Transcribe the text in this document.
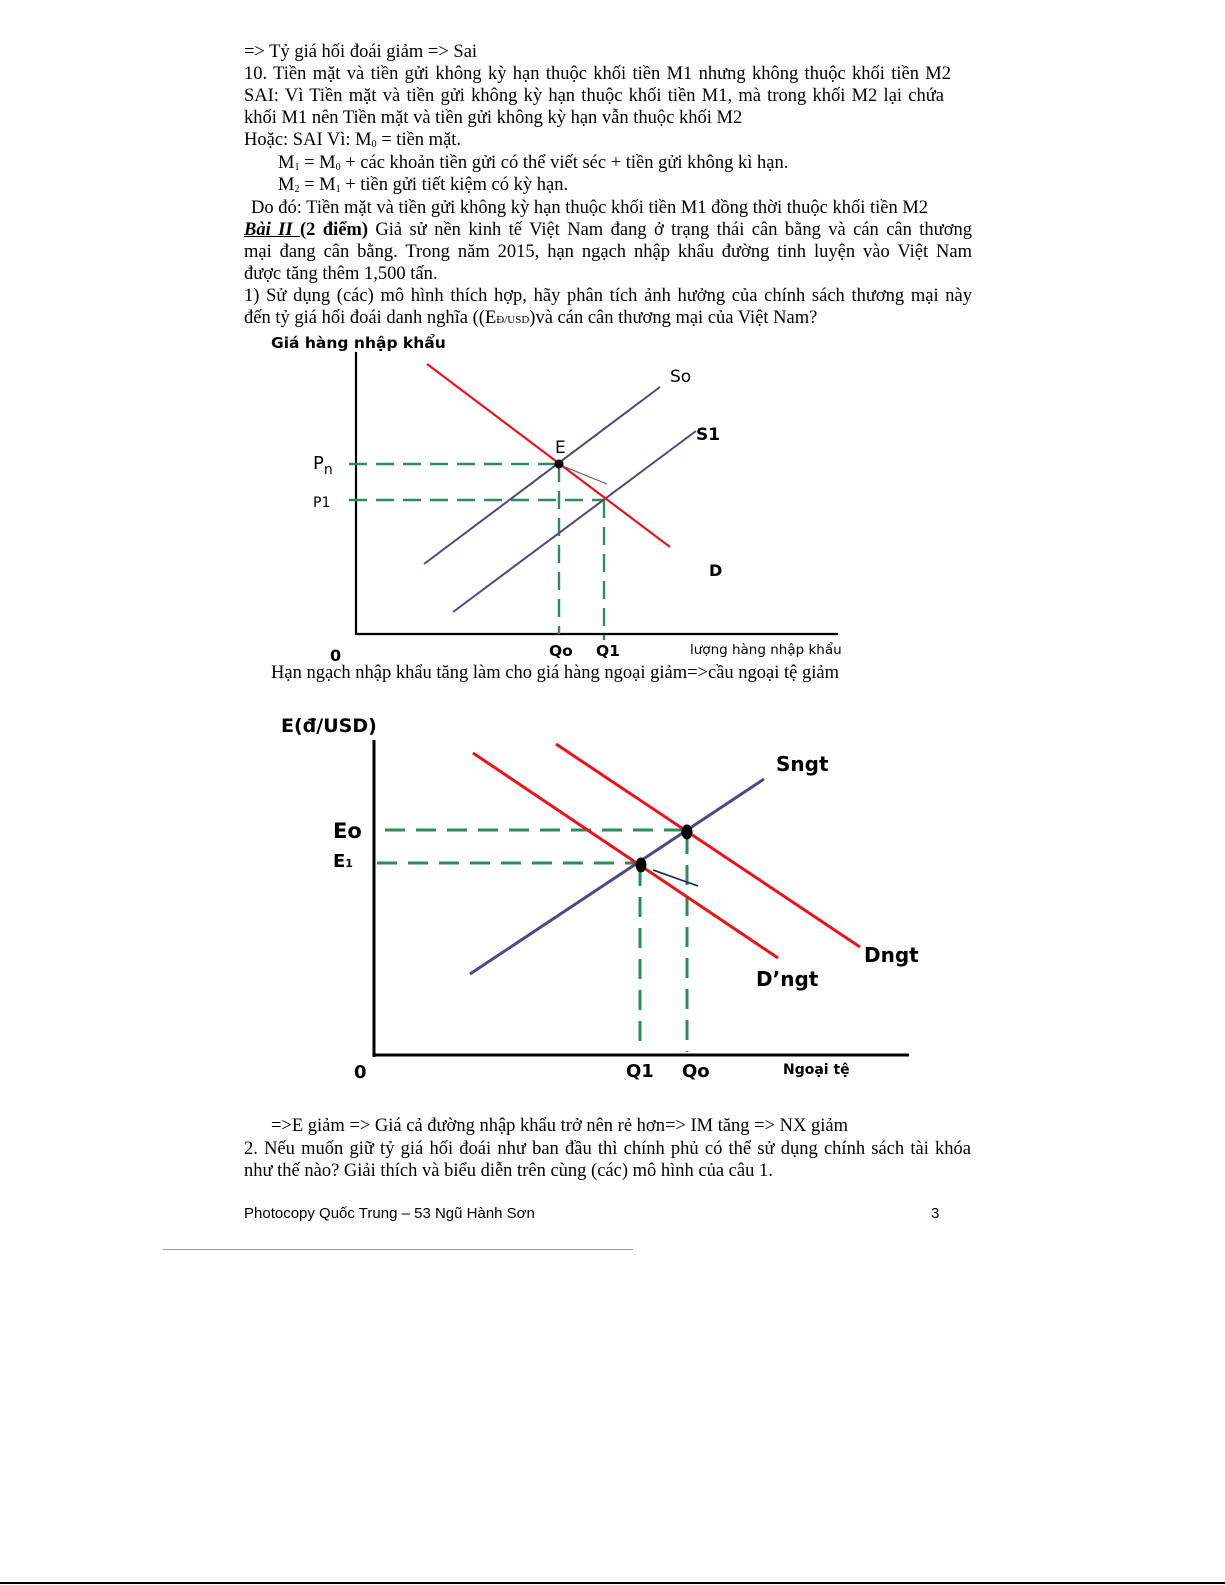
=> Tỷ giá hối đoái giảm => Sai
10. Tiền mặt và tiền gửi không kỳ hạn thuộc khối tiền M1 nhưng không thuộc khối tiền M2
SAI: Vì Tiền mặt và tiền gửi không kỳ hạn thuộc khối tiền M1, mà trong khối M2 lại chứa
khối M1 nên Tiền mặt và tiền gửi không kỳ hạn vẫn thuộc khối M2
Hoặc: SAI Vì: M0 = tiền mặt.
M1 = M0 + các khoản tiền gửi có thể viết séc + tiền gửi không kì hạn.
M2 = M1 + tiền gửi tiết kiệm có kỳ hạn.
Do đó: Tiền mặt và tiền gửi không kỳ hạn thuộc khối tiền M1 đồng thời thuộc khối tiền M2
Bài II (2 điểm) Giả sử nền kinh tế Việt Nam đang ở trạng thái cân bằng và cán cân thương
mại đang cân bằng. Trong năm 2015, hạn ngạch nhập khẩu đường tinh luyện vào Việt Nam
được tăng thêm 1,500 tấn.
1) Sử dụng (các) mô hình thích hợp, hãy phân tích ảnh hưởng của chính sách thương mại này
đến tỷ giá hối đoái danh nghĩa ((EĐ/USD)và cán cân thương mại của Việt Nam?
Giá hàng nhập khẩu
E
So
S1
D
$P_n$
P1
0	Qo Q1	lượng hàng nhập khẩu
Hạn ngạch nhập khẩu tăng làm cho giá hàng ngoại giảm=>cầu ngoại tệ giảm
E(đ/USD)
Sngt
Dngt
D’ngt
Eo
E1
0	Q1 Qo	Ngoại tệ
=>E giảm => Giá cả đường nhập khẩu trở nên rẻ hơn=> IM tăng => NX giảm
2. Nếu muốn giữ tỷ giá hối đoái như ban đầu thì chính phủ có thể sử dụng chính sách tài khóa
như thế nào? Giải thích và biểu diễn trên cùng (các) mô hình của câu 1.
Photocopy Quốc Trung – 53 Ngũ Hành Sơn	3
